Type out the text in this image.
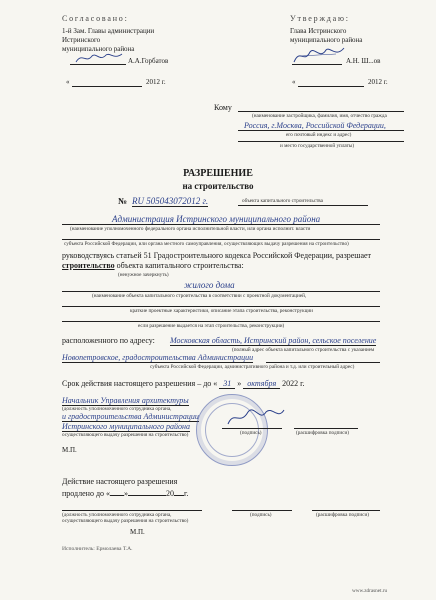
Согласовано:
1-й Зам. Главы администрации
Истринского
муниципального района
А.А.Горбатов
«	2012 г.
Утверждаю:
Глава Истринского
муниципального района
А.Н. Ш...ов
«	2012 г.
Кому
(наименование застройщика, фамилия, имя, отчество гражда
Россия, г.Москва, Российской Федерации,
его почтовый индекс и адрес)
и место государственной уплаты)
РАЗРЕШЕНИЕ
на строительство
№ RU 505043072012 г.	объекта капитального строительства
Администрация Истринского муниципального района
(наименование уполномоченного федерального органа исполнительной власти, или органа исполнит. власти
субъекта Российской Федерации, или органа местного самоуправления, осуществляющих выдачу разрешения на строительство)
руководствуясь статьей 51 Градостроительного кодекса Российской Федерации, разрешает
строительство объекта капитального строительства:
(ненужное зачеркнуть)
жилого дома
(наименование объекта капитального строительства в соответствии с проектной документацией,
краткие проектные характеристики, описание этапа строительства, реконструкции
если разрешение выдается на этап строительства, реконструкции)
расположенного по адресу: Московская область, Истринский район, сельское поселение
(полный адрес объекта капитального строительства с указанием
Новопетровское, градостроительства Администрации
субъекта Российской Федерации, административного района и т.д. или строительный адрес)
Срок действия настоящего разрешения – до « 31 » октября 2022 г.
Начальник Управления архитектуры
(должность уполномоченного сотрудника органа,
и градостроительства Администрации
Истринского муниципального района
осуществляющего выдачу разрешения на строительство)	(подпись)	(расшифровка подписи)
М.П.
Действие настоящего разрешения
продлено до « »	20 г.
(должность уполномоченного сотрудника органа,
осуществляющего выдачу разрешения на строительство)
(подпись)	(расшифровка подписи)
М.П.
Исполнитель: Ермолаева Т.А.
www.zdrasnet.ru
